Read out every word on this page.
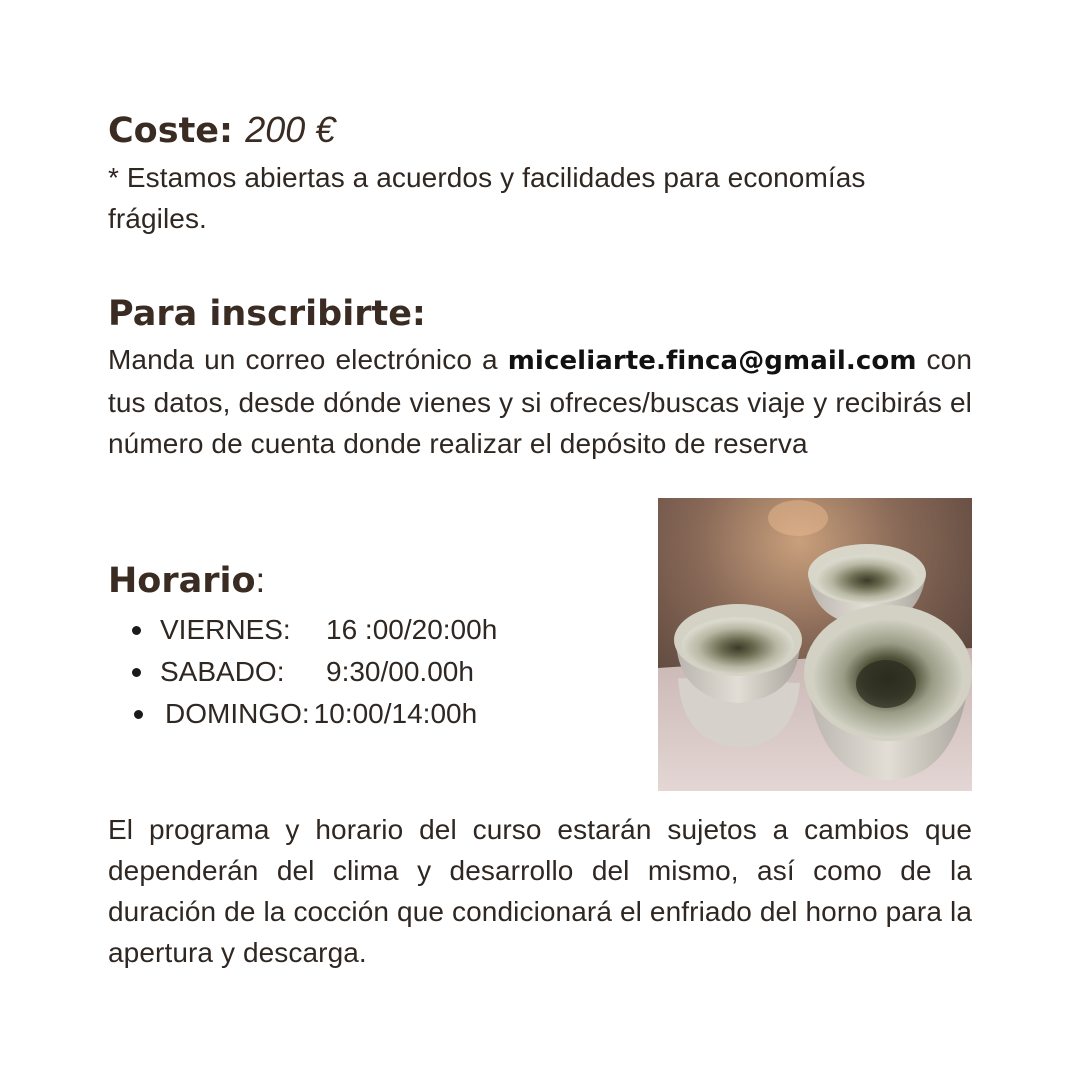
Coste: 200 €

* Estamos abiertas a acuerdos y facilidades para economías frágiles.

Para inscribirte:

Manda un correo electrónico a miceliarte.finca@gmail.com con tus datos, desde dónde vienes y si ofreces/buscas viaje y recibirás el número de cuenta donde realizar el depósito de reserva

Horario:
VIERNES:	16 :00/20:00h
SABADO:	9:30/00.00h
DOMINGO: 10:00/14:00h

El programa y horario del curso estarán sujetos a cambios que dependerán del clima y desarrollo del mismo, así como de la duración de la cocción que condicionará el enfriado del horno para la apertura y descarga.
